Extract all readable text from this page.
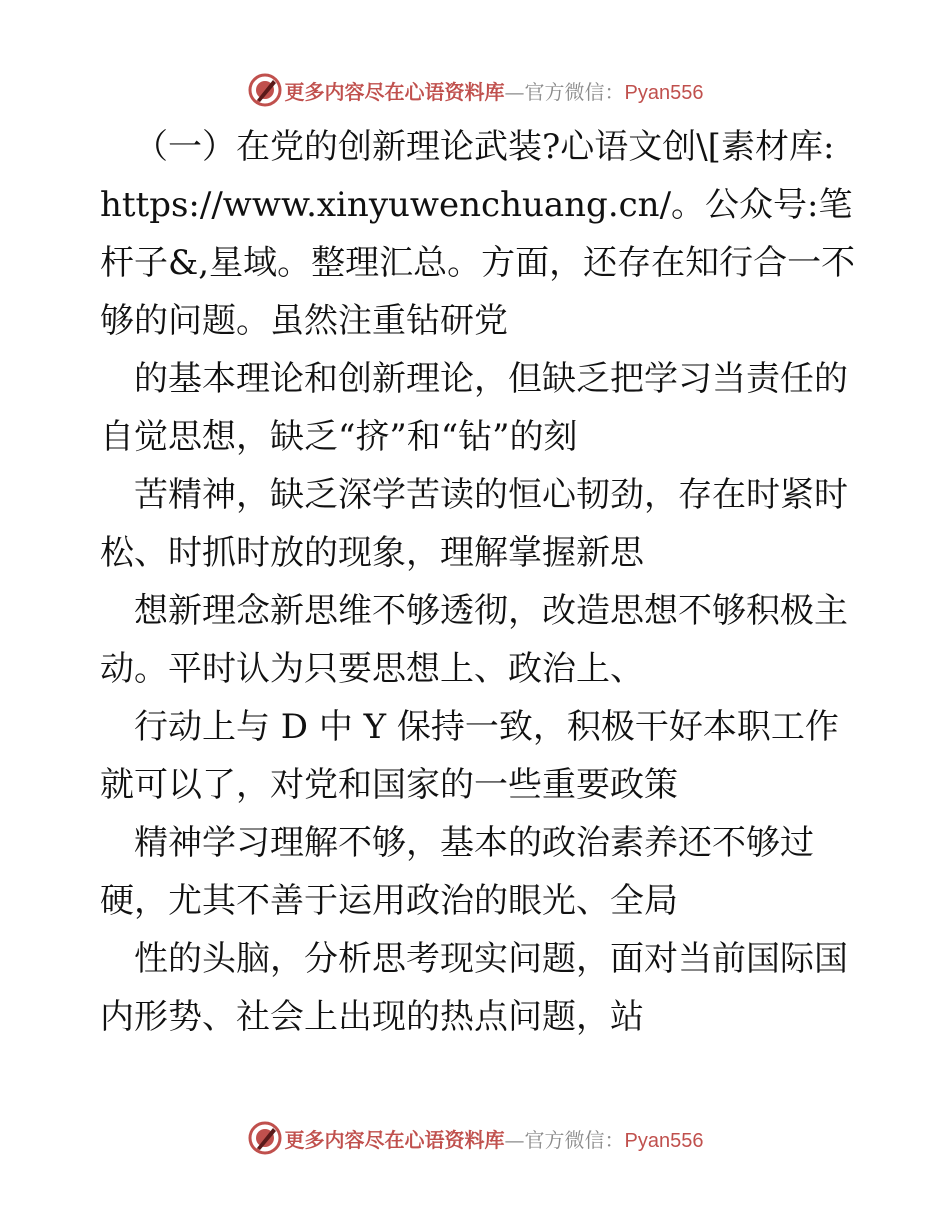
更多内容尽在心语资料库—官方微信：Pyan556

（一）在党的创新理论武装?心语文创\[素材库: https://www.xinyuwenchuang.cn/。公众号:笔杆子&,星域。整理汇总。方面，还存在知行合一不够的问题。虽然注重钻研党

的基本理论和创新理论，但缺乏把学习当责任的自觉思想，缺乏“挤”和“钻”的刻

苦精神，缺乏深学苦读的恒心韧劲，存在时紧时松、时抓时放的现象，理解掌握新思

想新理念新思维不够透彻，改造思想不够积极主动。平时认为只要思想上、政治上、

行动上与 D 中 Y 保持一致，积极干好本职工作就可以了，对党和国家的一些重要政策

精神学习理解不够，基本的政治素养还不够过硬，尤其不善于运用政治的眼光、全局

性的头脑，分析思考现实问题，面对当前国际国内形势、社会上出现的热点问题，站

更多内容尽在心语资料库—官方微信：Pyan556
